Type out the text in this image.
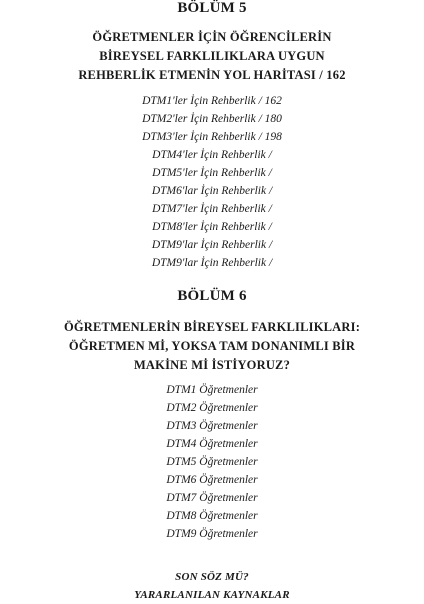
BÖLÜM 5
ÖĞRETMENLER İÇİN ÖĞRENCİLERİN
BİREYSEL FARKLILIKLARA UYGUN
REHBERLİK ETMENİN YOL HARİTASI / 162
DTM1'ler İçin Rehberlik / 162
DTM2'ler İçin Rehberlik / 180
DTM3'ler İçin Rehberlik / 198
DTM4'ler İçin Rehberlik /
DTM5'ler İçin Rehberlik /
DTM6'lar İçin Rehberlik /
DTM7'ler İçin Rehberlik /
DTM8'ler İçin Rehberlik /
DTM9'lar İçin Rehberlik /
DTM9'lar İçin Rehberlik /
BÖLÜM 6
ÖĞRETMENLERİN BİREYSEL FARKLILIKLARI:
ÖĞRETMEN Mİ, YOKSA TAM DONANIMLI BİR
MAKİNE Mİ İSTİYORUZ?
DTM1 Öğretmenler
DTM2 Öğretmenler
DTM3 Öğretmenler
DTM4 Öğretmenler
DTM5 Öğretmenler
DTM6 Öğretmenler
DTM7 Öğretmenler
DTM8 Öğretmenler
DTM9 Öğretmenler
SON SÖZ MÜ?
YARARLANILAN KAYNAKLAR
